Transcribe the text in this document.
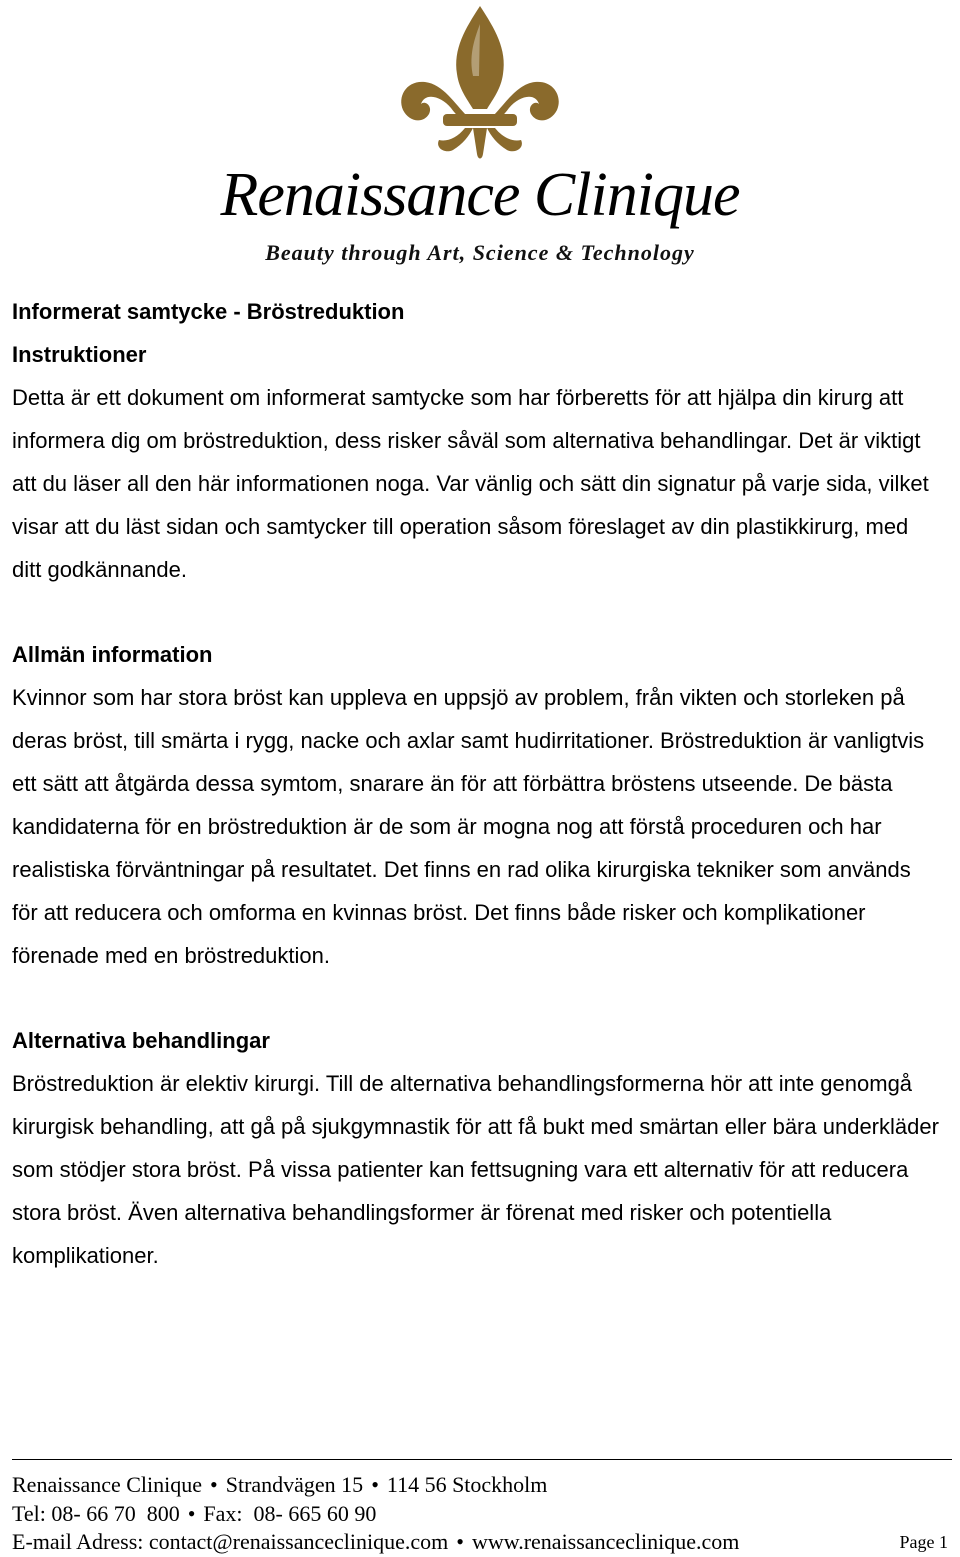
Renaissance Clinique
Beauty through Art, Science & Technology
Informerat samtycke - Bröstreduktion
Instruktioner

Detta är ett dokument om informerat samtycke som har förberetts för att hjälpa din kirurg att informera dig om bröstreduktion, dess risker såväl som alternativa behandlingar. Det är viktigt att du läser all den här informationen noga. Var vänlig och sätt din signatur på varje sida, vilket visar att du läst sidan och samtycker till operation såsom föreslaget av din plastikkirurg, med ditt godkännande.

Allmän information

Kvinnor som har stora bröst kan uppleva en uppsjö av problem, från vikten och storleken på deras bröst, till smärta i rygg, nacke och axlar samt hudirritationer. Bröstreduktion är vanligtvis ett sätt att åtgärda dessa symtom, snarare än för att förbättra bröstens utseende. De bästa kandidaterna för en bröstreduktion är de som är mogna nog att förstå proceduren och har realistiska förväntningar på resultatet. Det finns en rad olika kirurgiska tekniker som används för att reducera och omforma en kvinnas bröst. Det finns både risker och komplikationer förenade med en bröstreduktion.

Alternativa behandlingar

Bröstreduktion är elektiv kirurgi. Till de alternativa behandlingsformerna hör att inte genomgå kirurgisk behandling, att gå på sjukgymnastik för att få bukt med smärtan eller bära underkläder som stödjer stora bröst. På vissa patienter kan fettsugning vara ett alternativ för att reducera stora bröst. Även alternativa behandlingsformer är förenat med risker och potentiella komplikationer.

Renaissance Clinique • Strandvägen 15 • 114 56 Stockholm
Tel: 08- 66 70  800 • Fax:  08- 665 60 90
E-mail Adress: contact@renaissanceclinique.com • www.renaissanceclinique.com	Page 1
